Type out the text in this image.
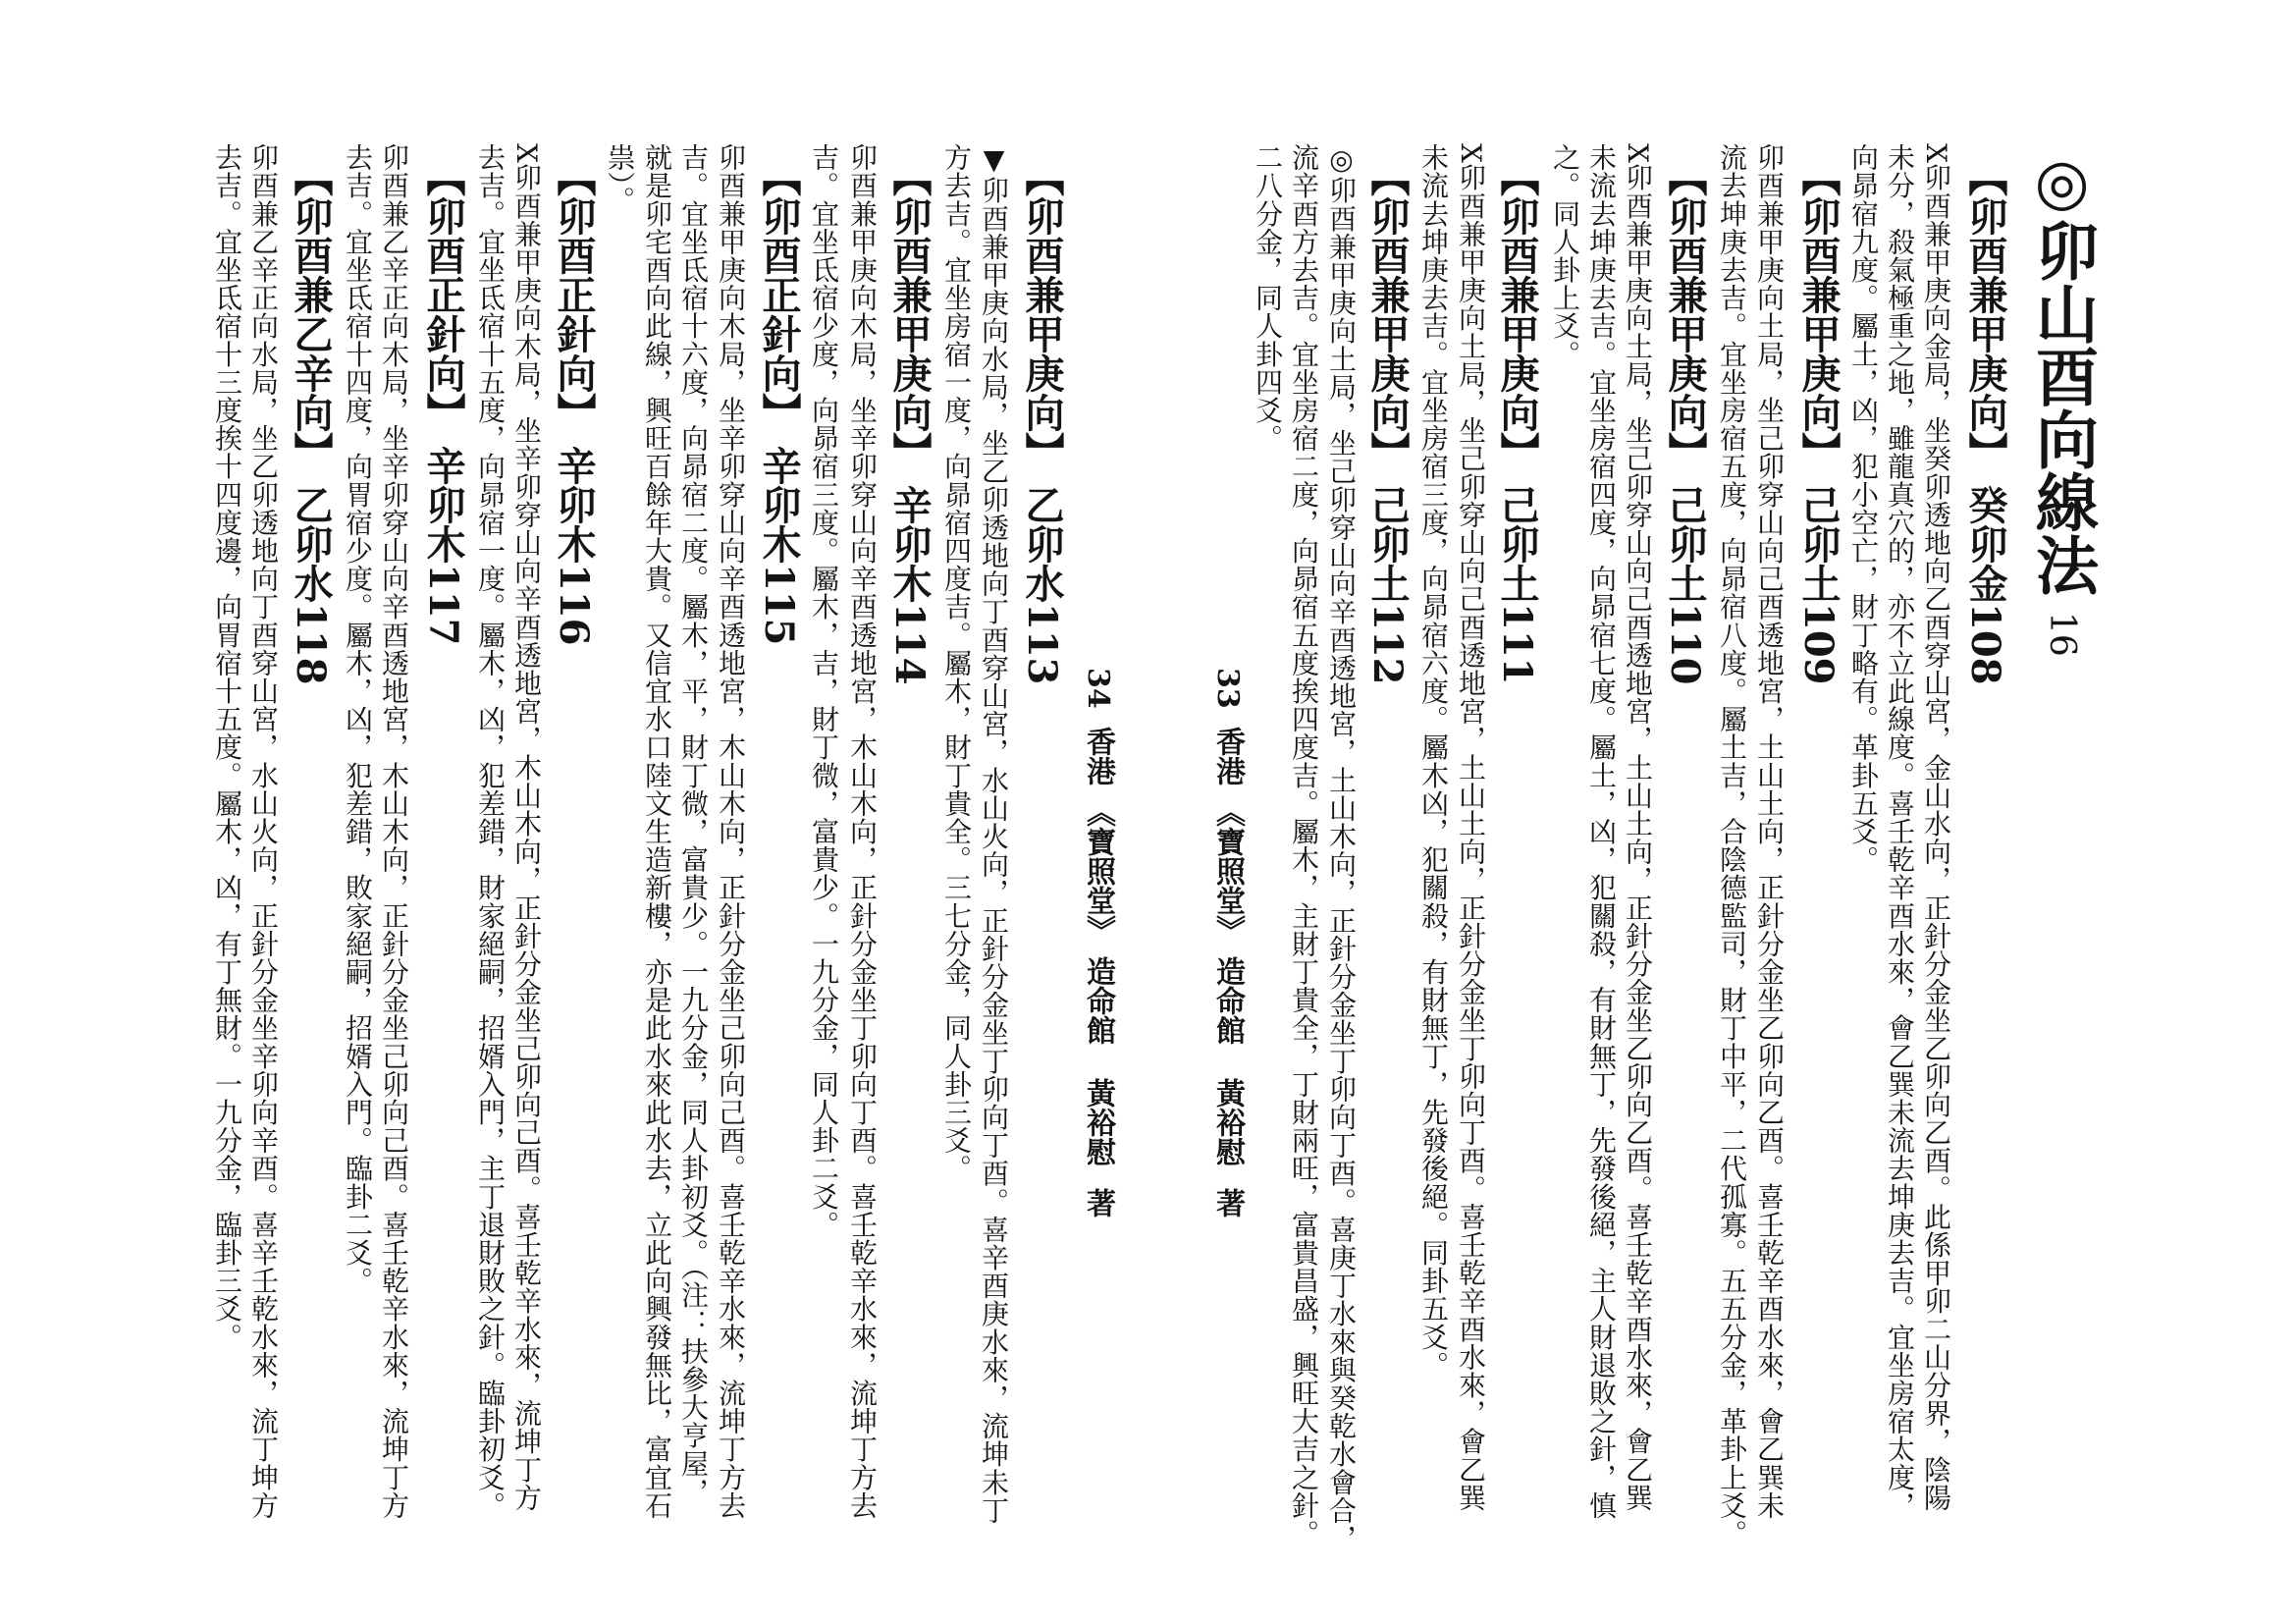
◎卯山酉向線法16
【卯酉兼甲庚向】癸卯金108
X卯酉兼甲庚向金局，坐癸卯透地向乙酉穿山宮，金山水向，正針分金坐乙卯向乙酉。此係甲卯二山分界，陰陽
未分，殺氣極重之地，雖龍真穴的，亦不立此線度。喜壬乾辛酉水來，會乙巽未流去坤庚去吉。宜坐房宿太度，
向昴宿九度。屬土，凶，犯小空亡，財丁略有。革卦五爻。
【卯酉兼甲庚向】己卯土109
卯酉兼甲庚向土局，坐己卯穿山向己酉透地宮，土山土向，正針分金坐乙卯向乙酉。喜壬乾辛酉水來，會乙巽未
流去坤庚去吉。宜坐房宿五度，向昴宿八度。屬土吉，合陰德監司，財丁中平，二代孤寡。五五分金，革卦上爻。
【卯酉兼甲庚向】己卯土110
X卯酉兼甲庚向土局，坐己卯穿山向己酉透地宮，土山土向，正針分金坐乙卯向乙酉。喜壬乾辛酉水來，會乙巽
未流去坤庚去吉。宜坐房宿四度，向昴宿七度。屬土，凶，犯關殺，有財無丁，先發後絕，主人財退敗之針，慎
之。同人卦上爻。
【卯酉兼甲庚向】己卯土111
X卯酉兼甲庚向土局，坐己卯穿山向己酉透地宮，土山土向，正針分金坐丁卯向丁酉。喜壬乾辛酉水來，會乙巽
未流去坤庚去吉。宜坐房宿三度，向昴宿六度。屬木凶，犯關殺，有財無丁，先發後絕。同卦五爻。
【卯酉兼甲庚向】己卯土112
◎卯酉兼甲庚向土局，坐己卯穿山向辛酉透地宮，土山木向，正針分金坐丁卯向丁酉。喜庚丁水來與癸乾水會合，
流辛酉方去吉。宜坐房宿二度，向昴宿五度挨四度吉。屬木，主財丁貴全，丁財兩旺，富貴昌盛，興旺大吉之針。
二八分金，同人卦四爻。
33香港《寶照堂》造命館黃裕慰著
【卯酉兼甲庚向】乙卯水113
▼卯酉兼甲庚向水局，坐乙卯透地向丁酉穿山宮，水山火向，正針分金坐丁卯向丁酉。喜辛酉庚水來，流坤未丁
方去吉。宜坐房宿一度，向昴宿四度吉。屬木，財丁貴全。三七分金，同人卦三爻。
【卯酉兼甲庚向】辛卯木114
卯酉兼甲庚向木局，坐辛卯穿山向辛酉透地宮，木山木向，正針分金坐丁卯向丁酉。喜壬乾辛水來，流坤丁方去
吉。宜坐氐宿少度，向昴宿三度。屬木，吉，財丁微，富貴少。一九分金，同人卦二爻。
【卯酉正針向】辛卯木115
卯酉兼甲庚向木局，坐辛卯穿山向辛酉透地宮，木山木向，正針分金坐己卯向己酉。喜壬乾辛水來，流坤丁方去
吉。宜坐氐宿十六度，向昴宿二度。屬木，平，財丁微，富貴少。一九分金，同人卦初爻。（注：扶參大亨屋，
就是卯宅酉向此線，興旺百餘年大貴。又信宜水口陸文生造新樓，亦是此水來此水去，立此向興發無比，富宜石
祟）。
【卯酉正針向】辛卯木116
X卯酉兼甲庚向木局，坐辛卯穿山向辛酉透地宮，木山木向，正針分金坐己卯向己酉。喜壬乾辛水來，流坤丁方
去吉。宜坐氐宿十五度，向昴宿一度。屬木，凶，犯差錯，財家絕嗣，招婿入門，主丁退財敗之針。臨卦初爻。
【卯酉正針向】辛卯木117
卯酉兼乙辛正向木局，坐辛卯穿山向辛酉透地宮，木山木向，正針分金坐己卯向己酉。喜壬乾辛水來，流坤丁方
去吉。宜坐氐宿十四度，向胃宿少度。屬木，凶，犯差錯，敗家絕嗣，招婿入門。臨卦二爻。
【卯酉兼乙辛向】乙卯水118
卯酉兼乙辛正向水局，坐乙卯透地向丁酉穿山宮，水山火向，正針分金坐辛卯向辛酉。喜辛壬乾水來，流丁坤方
去吉。宜坐氐宿十三度挨十四度邊，向胃宿十五度。屬木，凶，有丁無財。一九分金，臨卦三爻。	34香港《寶照堂》造命館黃裕慰著
